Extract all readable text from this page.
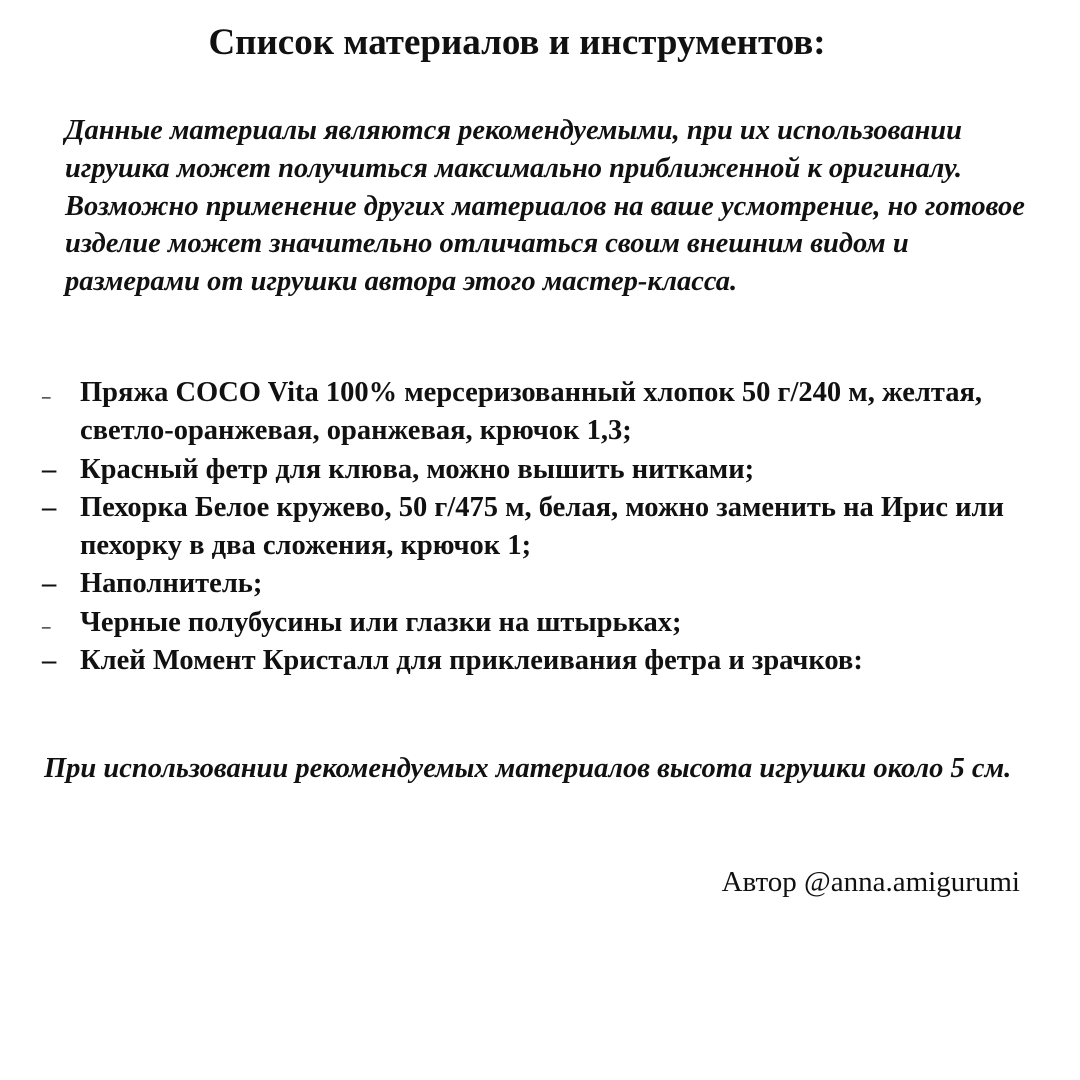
Список материалов и инструментов:
Данные материалы являются рекомендуемыми, при их использовании игрушка может получиться максимально приближенной к оригиналу. Возможно применение других материалов на ваше усмотрение, но готовое изделие может значительно отличаться своим внешним видом и размерами от игрушки автора этого мастер-класса.
–	Пряжа COCO Vita 100% мерсеризованный хлопок 50 г/240 м, желтая, светло-оранжевая, оранжевая, крючок 1,3;
– Красный фетр для клюва, можно вышить нитками;
– Пехорка Белое кружево, 50 г/475 м, белая, можно заменить на Ирис или пехорку в два сложения, крючок 1;
– Наполнитель;
–	Черные полубусины или глазки на штырьках;
– Клей Момент Кристалл для приклеивания фетра и зрачков:
При использовании рекомендуемых материалов высота игрушки около 5 см.
Автор @anna.amigurumi
